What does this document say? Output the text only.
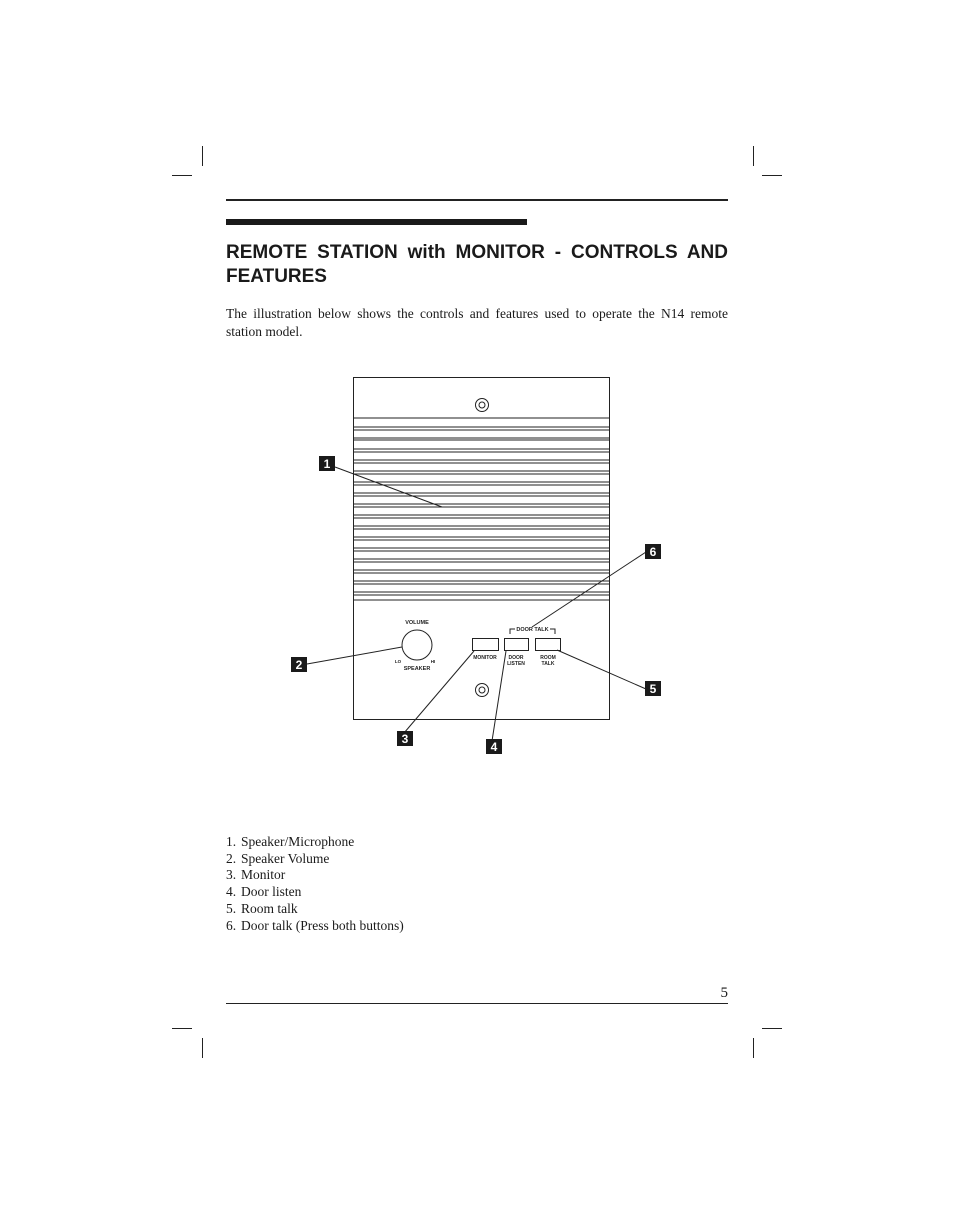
REMOTE STATION with MONITOR - CONTROLS AND FEATURES

The illustration below shows the controls and features used to operate the N14 remote station model.

VOLUME
LO	HI
SPEAKER
DOOR TALK
MONITOR DOOR
LISTEN
ROOM
TALK
1
2
3
4
5
6
1. Speaker/Microphone
2. Speaker Volume
3. Monitor
4. Door listen
5. Room talk
6. Door talk (Press both buttons)
5
